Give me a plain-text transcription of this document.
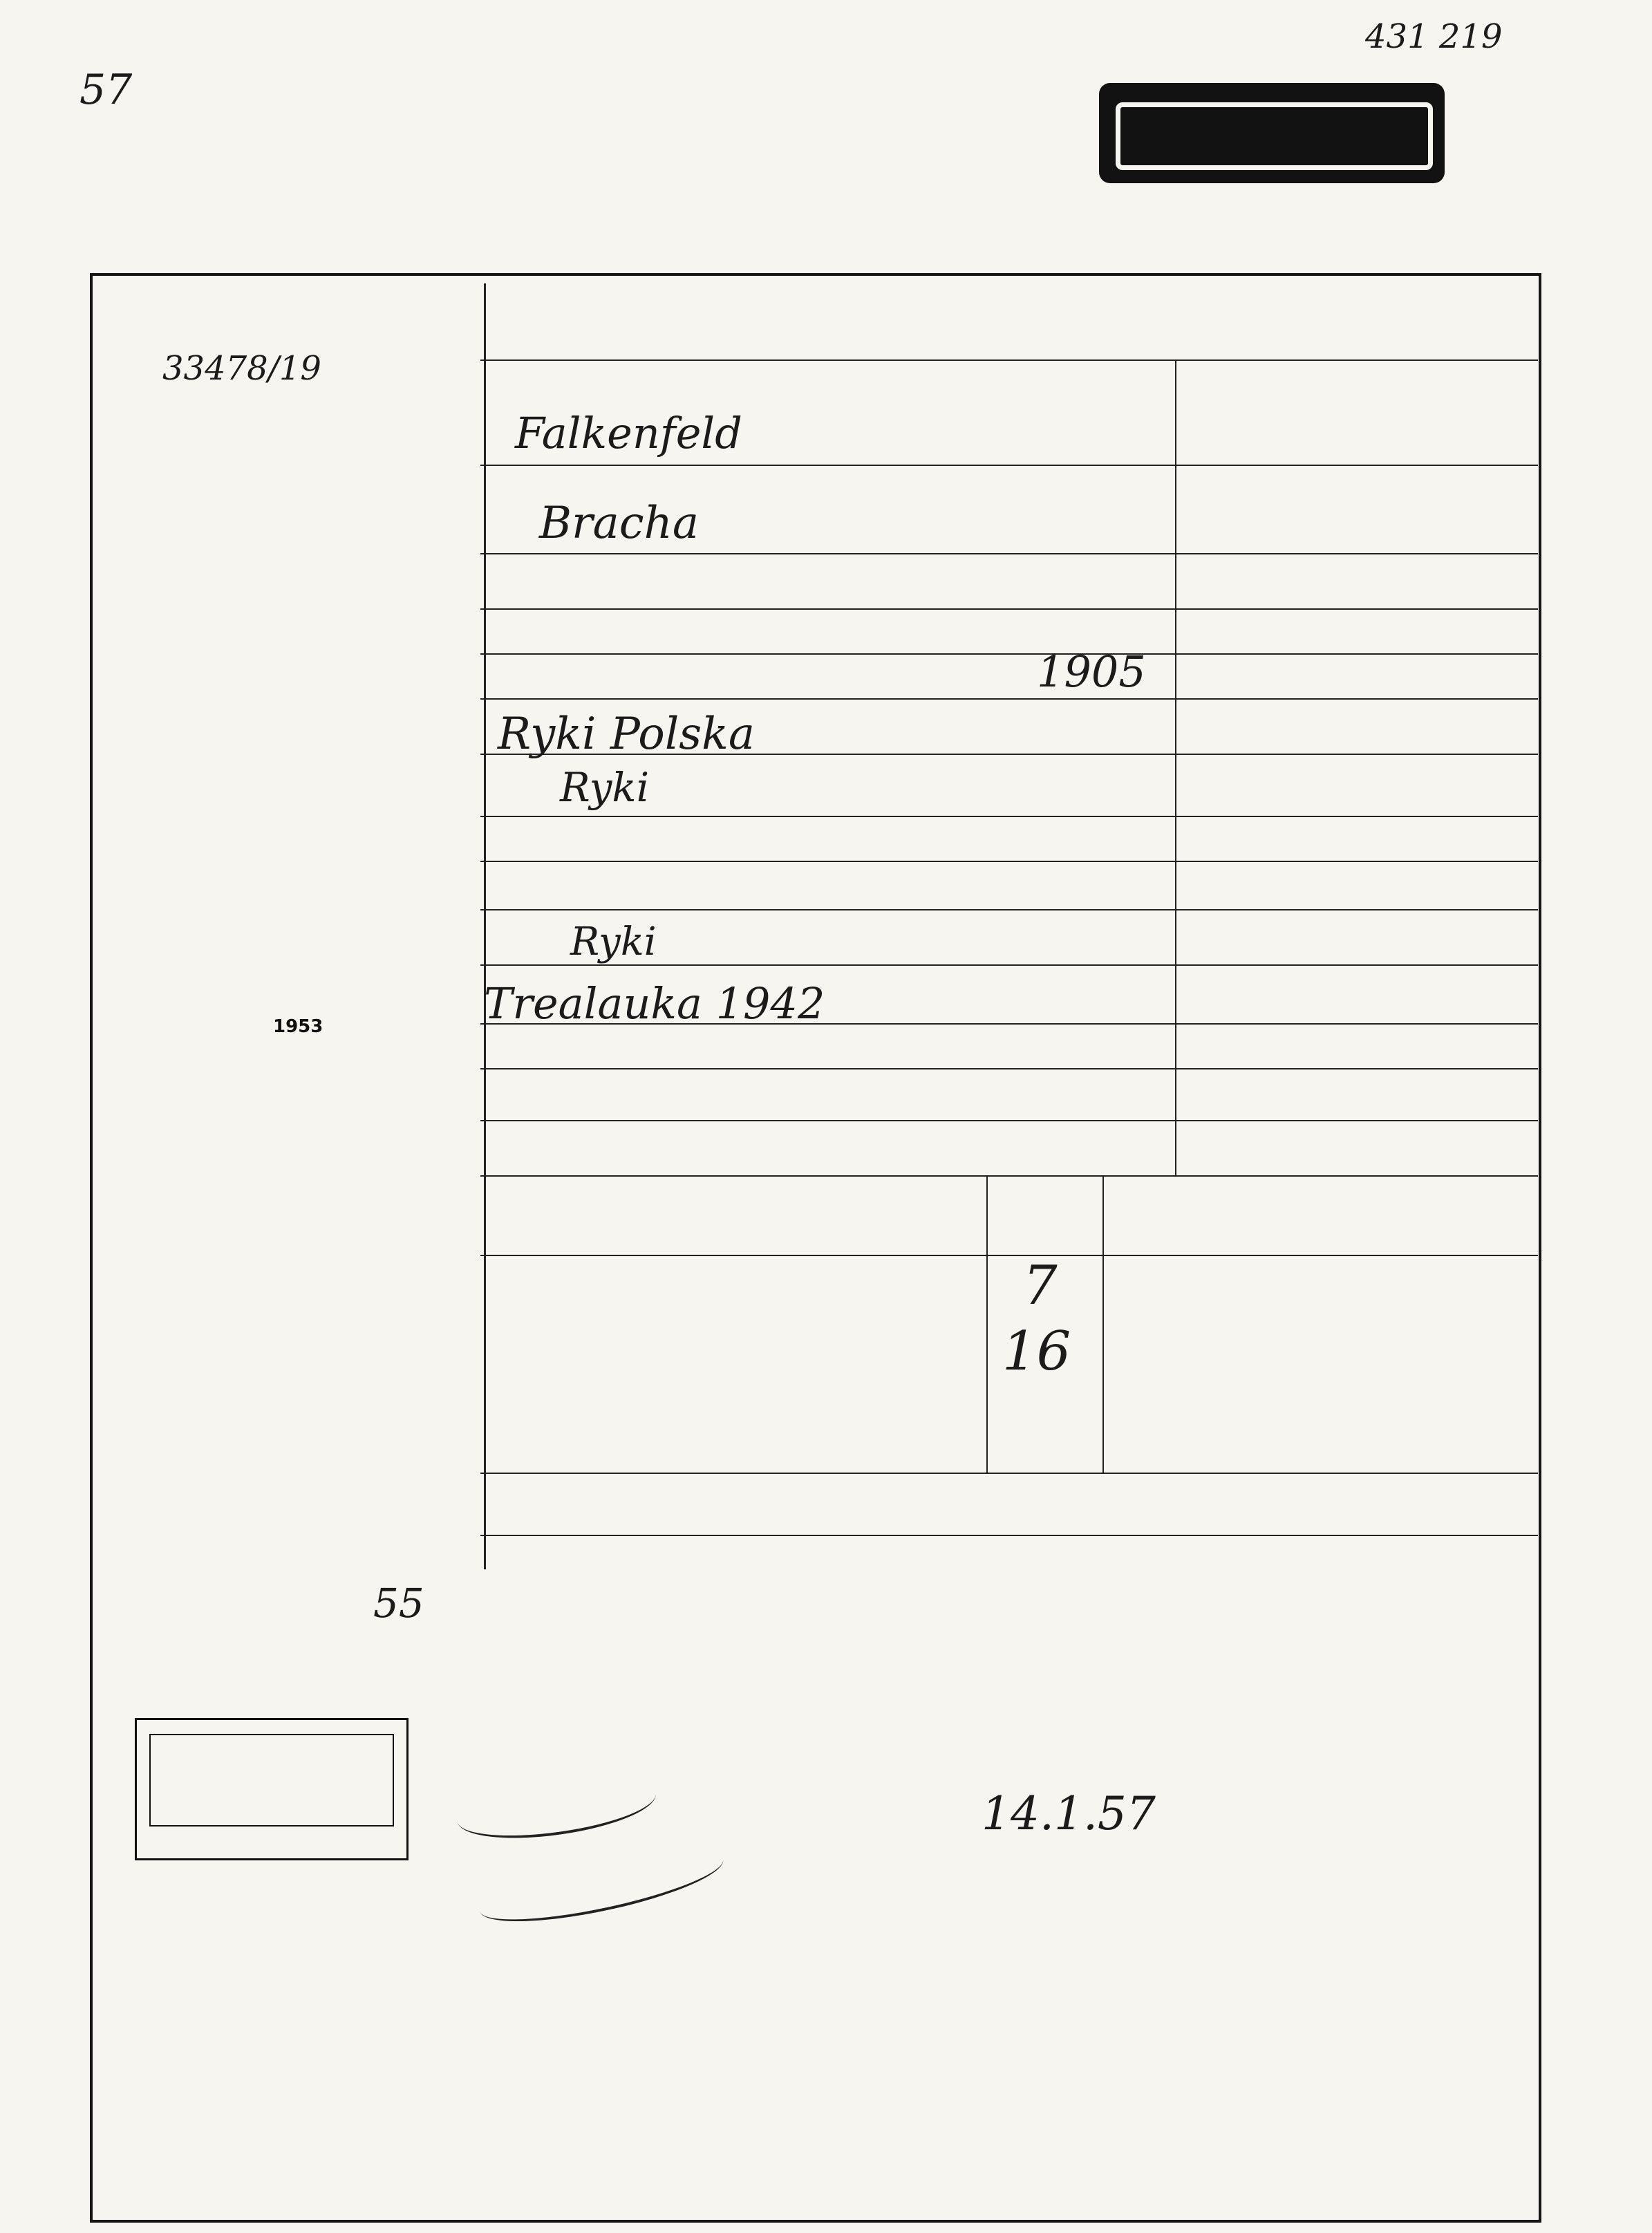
431 219
57
33478/19
Falkenfeld
Bracha
1905
Ryki Polska
Ryki
Ryki
Trealauka 1942
7
16
1953
55
14.1.57
